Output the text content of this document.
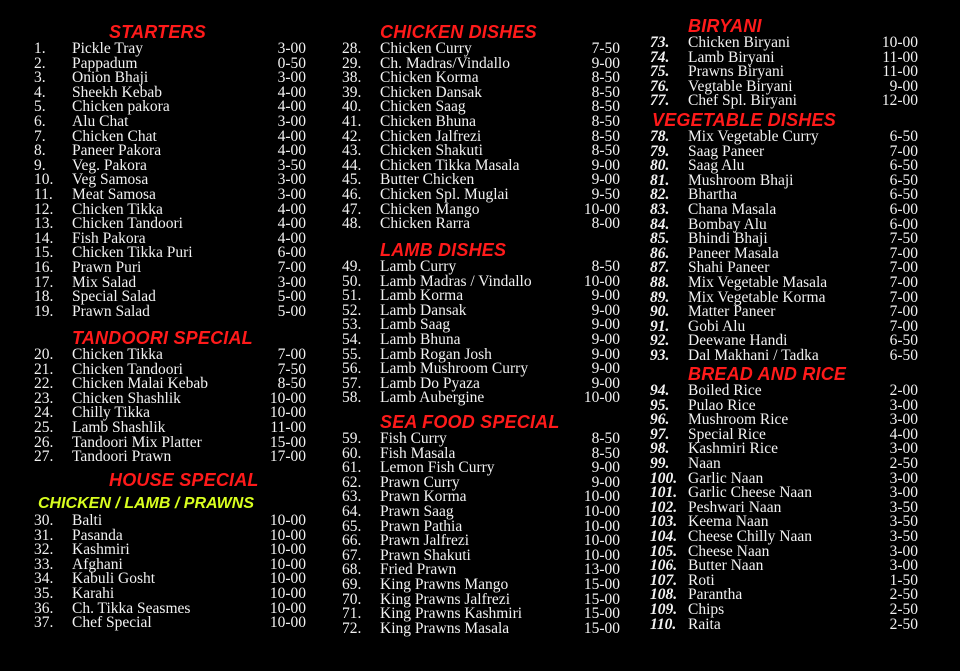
STARTERS
1. Pickle Tray	3-00
2. Pappadum	0-50
3. Onion Bhaji	3-00
4. Sheekh Kebab	4-00
5. Chicken pakora	4-00
6. Alu Chat	3-00
7. Chicken Chat	4-00
8. Paneer Pakora	4-00
9. Veg. Pakora	3-50
10. Veg Samosa	3-00
11. Meat Samosa	3-00
12. Chicken Tikka	4-00
13. Chicken Tandoori	4-00
14. Fish Pakora	4-00
15. Chicken Tikka Puri	6-00
16. Prawn Puri	7-00
17. Mix Salad	3-00
18. Special Salad	5-00
19. Prawn Salad	5-00
TANDOORI SPECIAL
20. Chicken Tikka	7-00
21. Chicken Tandoori	7-50
22. Chicken Malai Kebab	8-50
23. Chicken Shashlik	10-00
24. Chilly Tikka	10-00
25. Lamb Shashlik	11-00
26. Tandoori Mix Platter	15-00
27. Tandoori Prawn	17-00
HOUSE SPECIAL
CHICKEN / LAMB / PRAWNS
30. Balti	10-00
31. Pasanda	10-00
32. Kashmiri	10-00
33. Afghani	10-00
34. Kabuli Gosht	10-00
35. Karahi	10-00
36. Ch. Tikka Seasmes	10-00
37. Chef Special	10-00
CHICKEN DISHES
28. Chicken Curry	7-50
29. Ch. Madras/Vindallo	9-00
38. Chicken Korma	8-50
39. Chicken Dansak	8-50
40. Chicken Saag	8-50
41. Chicken Bhuna	8-50
42. Chicken Jalfrezi	8-50
43. Chicken Shakuti	8-50
44. Chicken Tikka Masala	9-00
45. Butter Chicken	9-00
46. Chicken Spl. Muglai	9-50
47. Chicken Mango	10-00
48. Chicken Rarra	8-00
LAMB DISHES
49. Lamb Curry	8-50
50. Lamb Madras / Vindallo	10-00
51. Lamb Korma	9-00
52. Lamb Dansak	9-00
53. Lamb Saag	9-00
54. Lamb Bhuna	9-00
55. Lamb Rogan Josh	9-00
56. Lamb Mushroom Curry	9-00
57. Lamb Do Pyaza	9-00
58. Lamb Aubergine	10-00
SEA FOOD SPECIAL
59. Fish Curry	8-50
60. Fish Masala	8-50
61. Lemon Fish Curry	9-00
62. Prawn Curry	9-00
63. Prawn Korma	10-00
64. Prawn Saag	10-00
65. Prawn Pathia	10-00
66. Prawn Jalfrezi	10-00
67. Prawn Shakuti	10-00
68. Fried Prawn	13-00
69. King Prawns Mango	15-00
70. King Prawns Jalfrezi	15-00
71. King Prawns Kashmiri	15-00
72. King Prawns Masala	15-00
BIRYANI
73. Chicken Biryani	10-00
74. Lamb Biryani	11-00
75. Prawns Biryani	11-00
76. Vegtable Biryani	9-00
77. Chef Spl. Biryani	12-00
VEGETABLE DISHES
78. Mix Vegetable Curry	6-50
79. Saag Paneer	7-00
80. Saag Alu	6-50
81. Mushroom Bhaji	6-50
82. Bhartha	6-50
83. Chana Masala	6-00
84. Bombay Alu	6-00
85. Bhindi Bhaji	7-50
86. Paneer Masala	7-00
87. Shahi Paneer	7-00
88. Mix Vegetable Masala	7-00
89. Mix Vegetable Korma	7-00
90. Matter Paneer	7-00
91. Gobi Alu	7-00
92. Deewane Handi	6-50
93. Dal Makhani / Tadka	6-50
BREAD AND RICE
94. Boiled Rice	2-00
95. Pulao Rice	3-00
96. Mushroom Rice	3-00
97. Special Rice	4-00
98. Kashmiri Rice	3-00
99. Naan	2-50
100. Garlic Naan	3-00
101. Garlic Cheese Naan	3-00
102. Peshwari Naan	3-50
103. Keema Naan	3-50
104. Cheese Chilly Naan	3-50
105. Cheese Naan	3-00
106. Butter Naan	3-00
107. Roti	1-50
108. Parantha	2-50
109. Chips	2-50
110. Raita	2-50
